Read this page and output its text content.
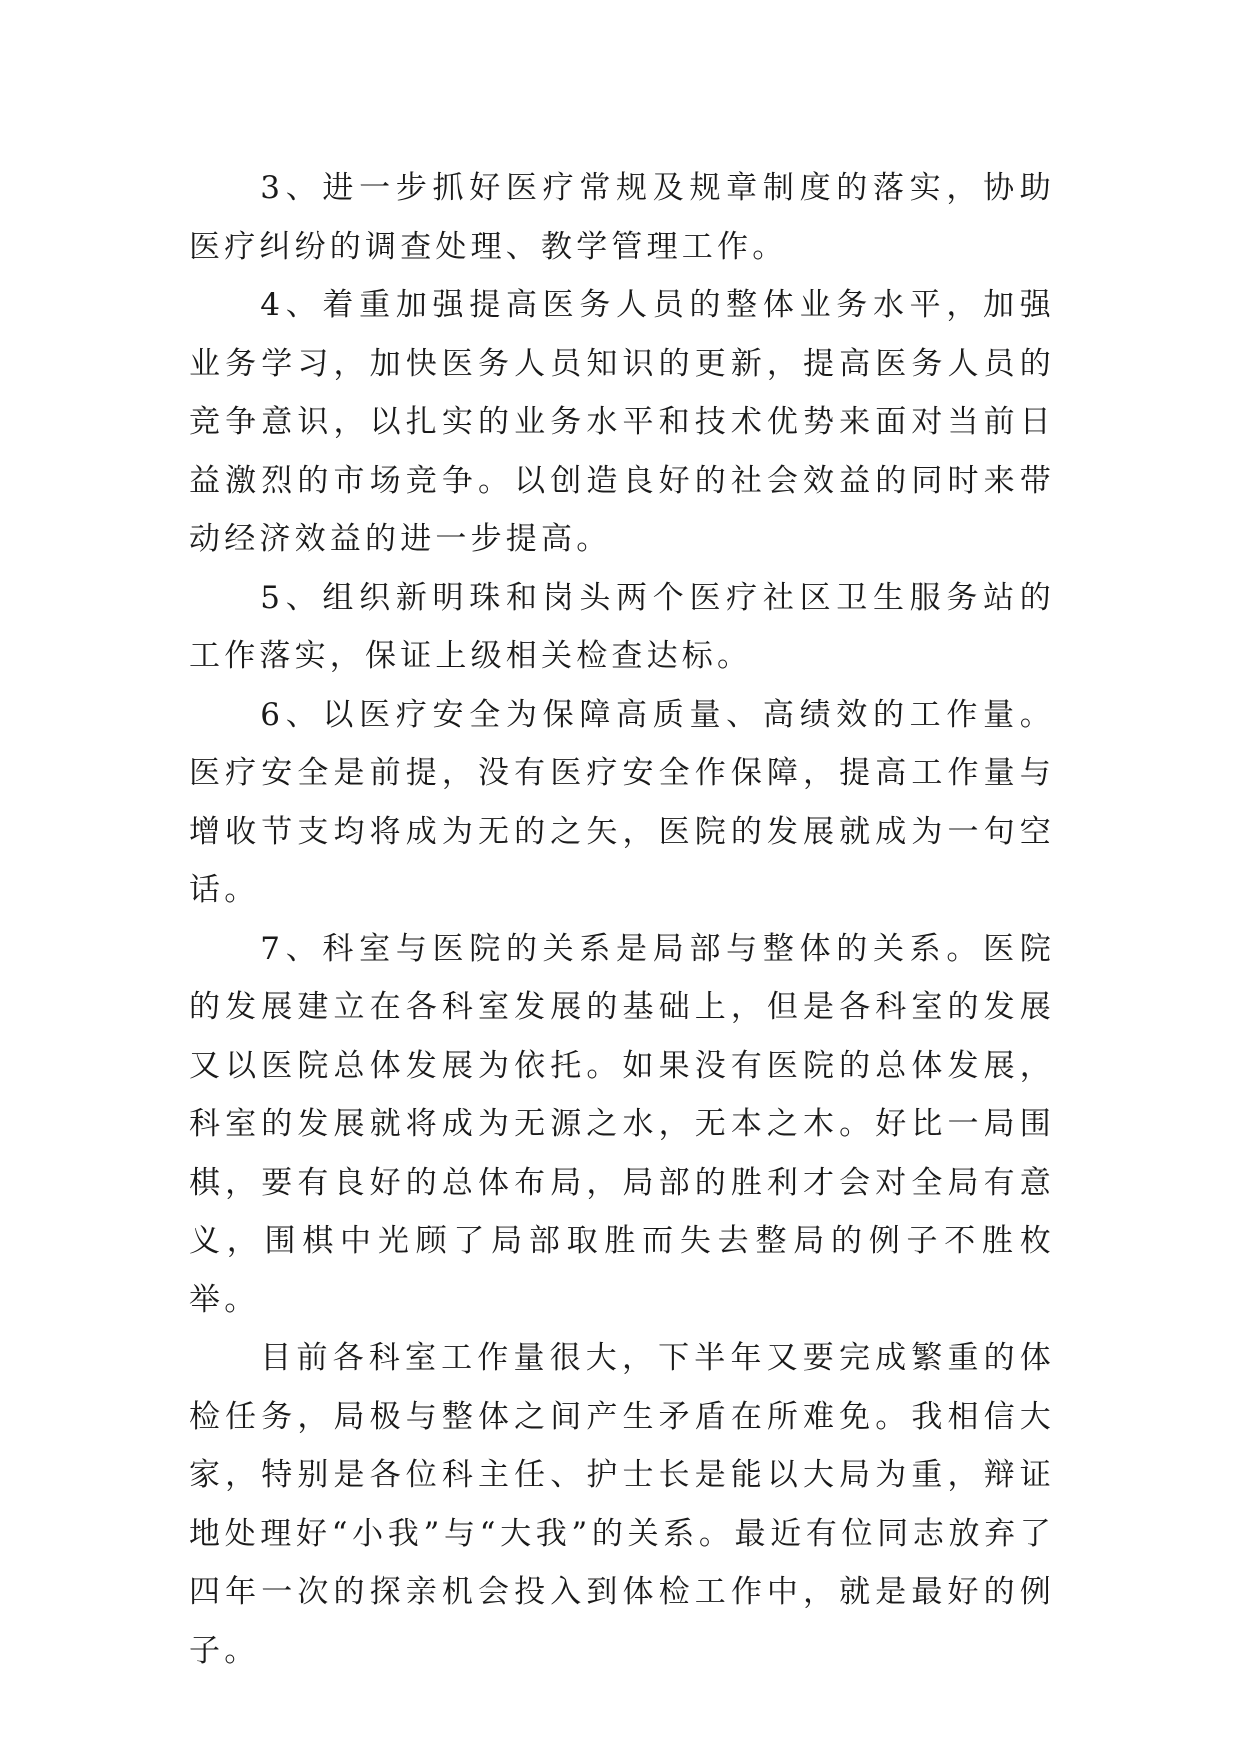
3、进一步抓好医疗常规及规章制度的落实，协助医疗纠纷的调查处理、教学管理工作。

4、着重加强提高医务人员的整体业务水平，加强业务学习，加快医务人员知识的更新，提高医务人员的竞争意识，以扎实的业务水平和技术优势来面对当前日益激烈的市场竞争。以创造良好的社会效益的同时来带动经济效益的进一步提高。

5、组织新明珠和岗头两个医疗社区卫生服务站的工作落实，保证上级相关检查达标。

6、以医疗安全为保障高质量、高绩效的工作量。医疗安全是前提，没有医疗安全作保障，提高工作量与增收节支均将成为无的之矢，医院的发展就成为一句空话。

7、科室与医院的关系是局部与整体的关系。医院的发展建立在各科室发展的基础上，但是各科室的发展又以医院总体发展为依托。如果没有医院的总体发展，科室的发展就将成为无源之水，无本之木。好比一局围棋，要有良好的总体布局，局部的胜利才会对全局有意义，围棋中光顾了局部取胜而失去整局的例子不胜枚举。

目前各科室工作量很大，下半年又要完成繁重的体检任务，局极与整体之间产生矛盾在所难免。我相信大家，特别是各位科主任、护士长是能以大局为重，辩证地处理好“小我”与“大我”的关系。最近有位同志放弃了四年一次的探亲机会投入到体检工作中，就是最好的例子。
